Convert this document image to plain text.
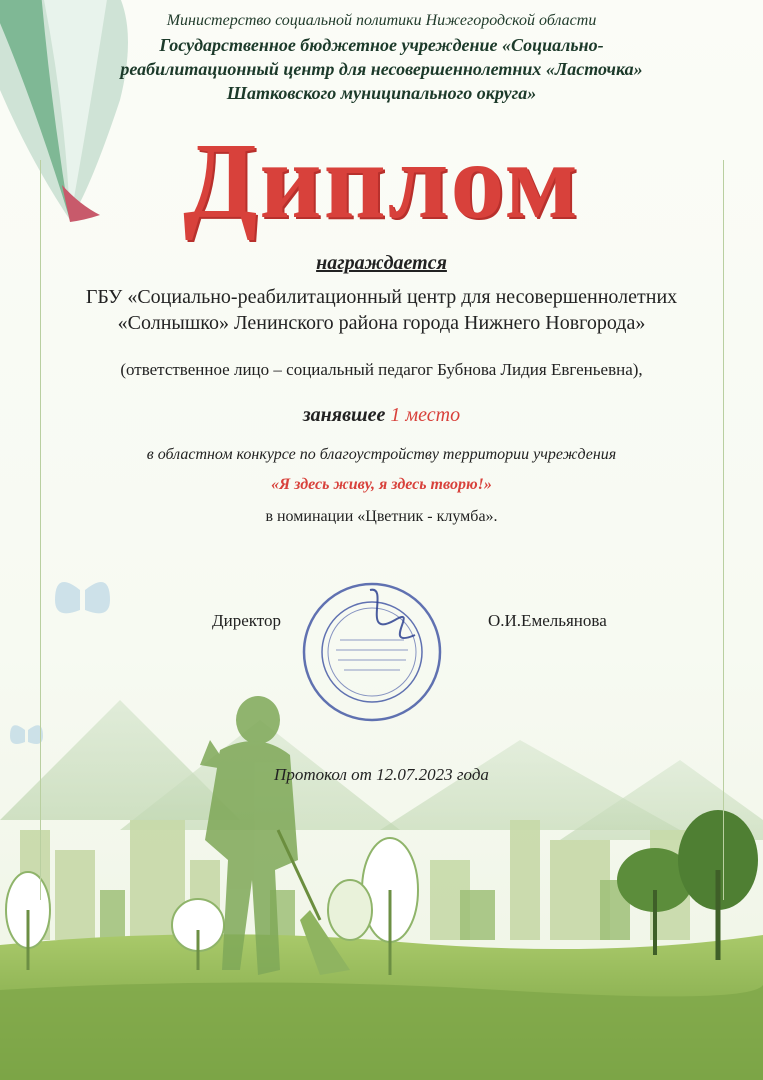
Министерство социальной политики Нижегородской области
Государственное бюджетное учреждение «Социально-реабилитационный центр для несовершеннолетних «Ласточка» Шатковского муниципального округа»
Диплом
награждается
ГБУ «Социально-реабилитационный центр для несовершеннолетних «Солнышко» Ленинского района города Нижнего Новгорода»
(ответственное лицо – социальный педагог Бубнова Лидия Евгеньевна),
занявшее 1 место
в областном конкурсе по благоустройству территории учреждения
«Я здесь живу, я здесь творю!»
в номинации «Цветник - клумба».
Директор	О.И.Емельянова
Протокол от 12.07.2023 года
